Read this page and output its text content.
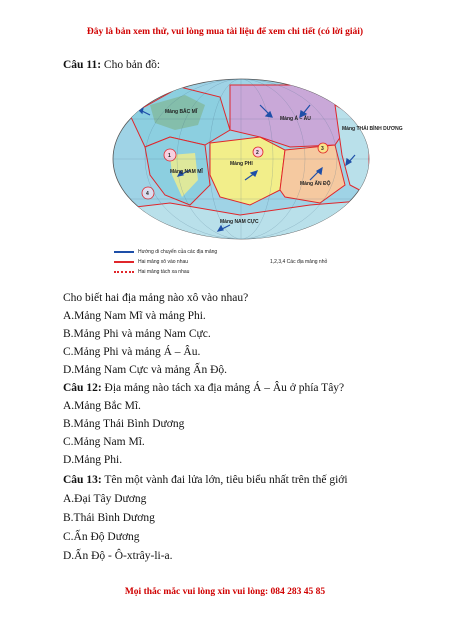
Đây là bản xem thử, vui lòng mua tài liệu để xem chi tiết (có lời giải)
Câu 11: Cho bản đồ:
Mảng BẮC MĨ
Mảng Á – ÂU
Mảng THÁI BÌNH DƯƠNG
Mảng NAM MĨ
Mảng PHI
Mảng ẤN ĐỘ
Mảng NAM CỰC
1	2
3
4
Hướng di chuyển của các địa mảng
Hai mảng xô vào nhau
Hai mảng tách xa nhau
1,2,3,4 Các địa mảng nhỏ
Cho biết hai địa mảng nào xô vào nhau?
A.Mảng Nam Mĩ và mảng Phi.
B.Mảng Phi và mảng Nam Cực.
C.Mảng Phi và mảng Á – Âu.
D.Mảng Nam Cực và mảng Ấn Độ.
Câu 12: Địa mảng nào tách xa địa mảng Á – Âu ở phía Tây?
A.Mảng Bắc Mĩ.
B.Mảng Thái Bình Dương
C.Mảng Nam Mĩ.
D.Mảng Phi.
Câu 13: Tên một vành đai lửa lớn, tiêu biểu nhất trên thế giới
A.Đại Tây Dương
B.Thái Bình Dương
C.Ấn Độ Dương
D.Ấn Độ - Ô-xtrây-li-a.
Mọi thắc mắc vui lòng xin vui lòng: 084 283 45 85
